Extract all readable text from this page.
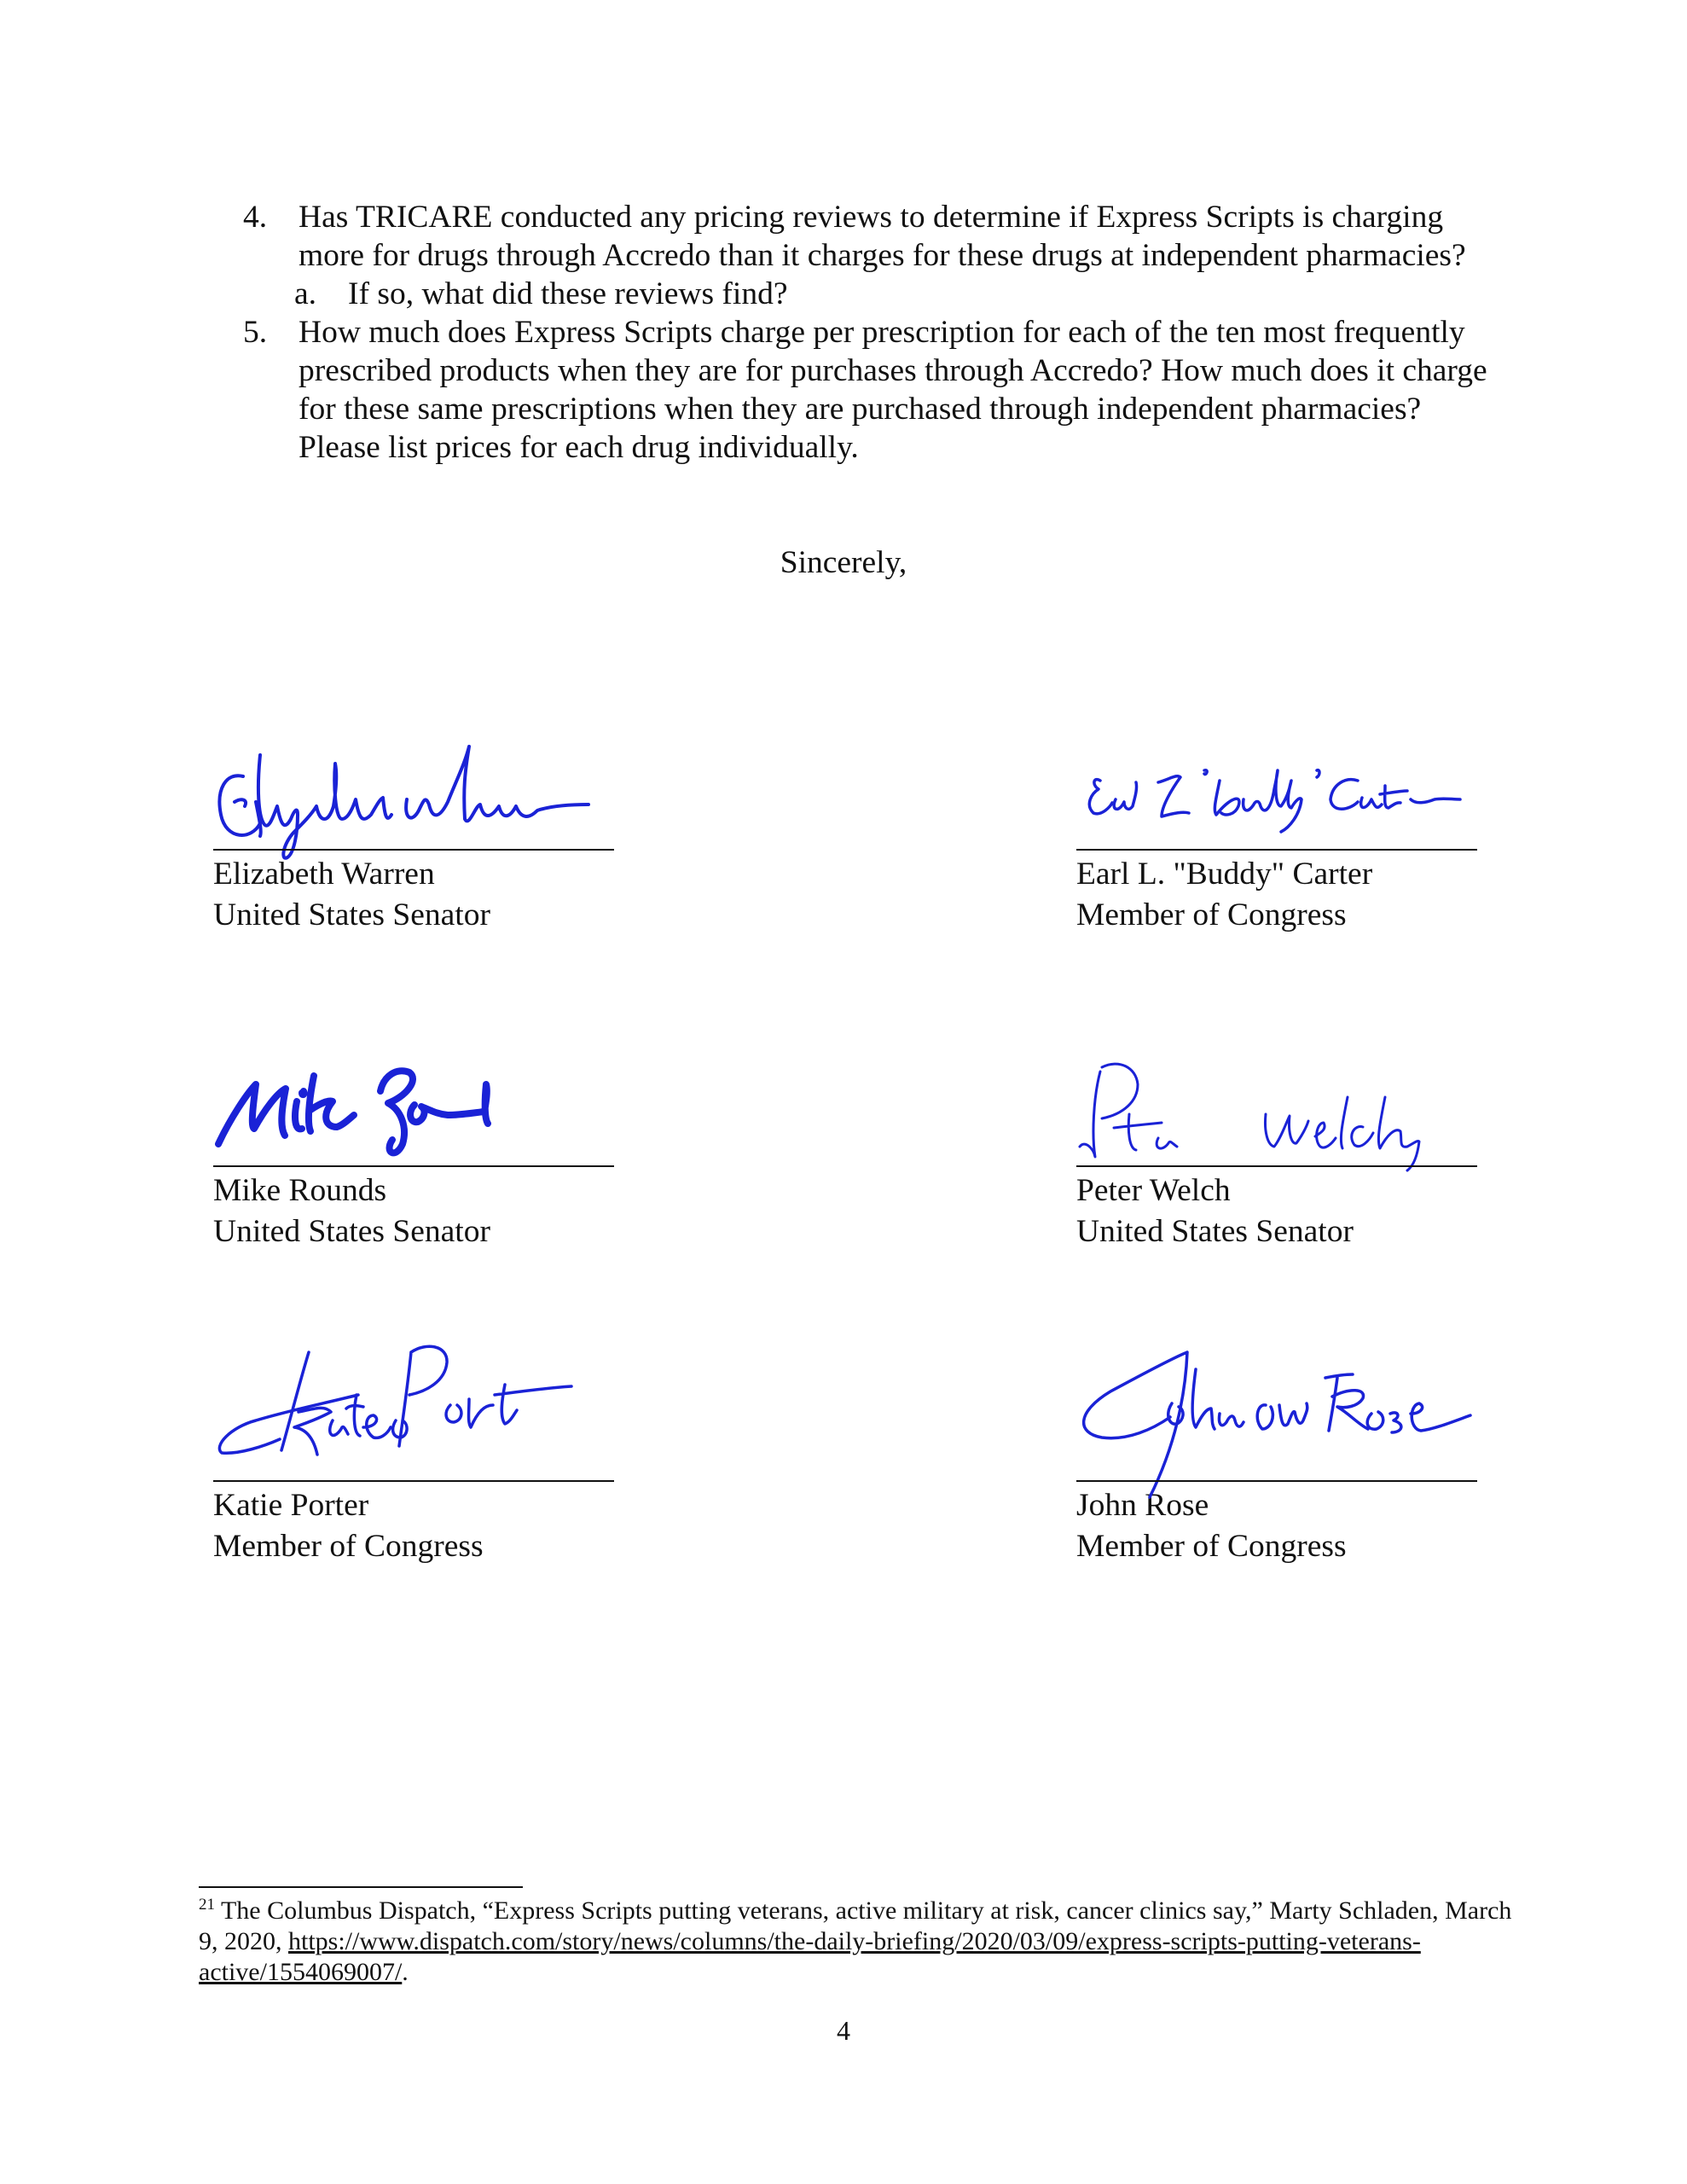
4. Has TRICARE conducted any pricing reviews to determine if Express Scripts is charging more for drugs through Accredo than it charges for these drugs at independent pharmacies?
a. If so, what did these reviews find?
5. How much does Express Scripts charge per prescription for each of the ten most frequently prescribed products when they are for purchases through Accredo? How much does it charge for these same prescriptions when they are purchased through independent pharmacies? Please list prices for each drug individually.
Sincerely,
Elizabeth Warren
United States Senator
Earl L. "Buddy" Carter
Member of Congress
Mike Rounds
United States Senator
Peter Welch
United States Senator
Katie Porter
Member of Congress
John Rose
Member of Congress
$^{21}$ The Columbus Dispatch, “Express Scripts putting veterans, active military at risk, cancer clinics say,” Marty Schladen, March 9, 2020, https://www.dispatch.com/story/news/columns/the-daily-briefing/2020/03/09/express-scripts-putting-veterans-active/1554069007/.
4
